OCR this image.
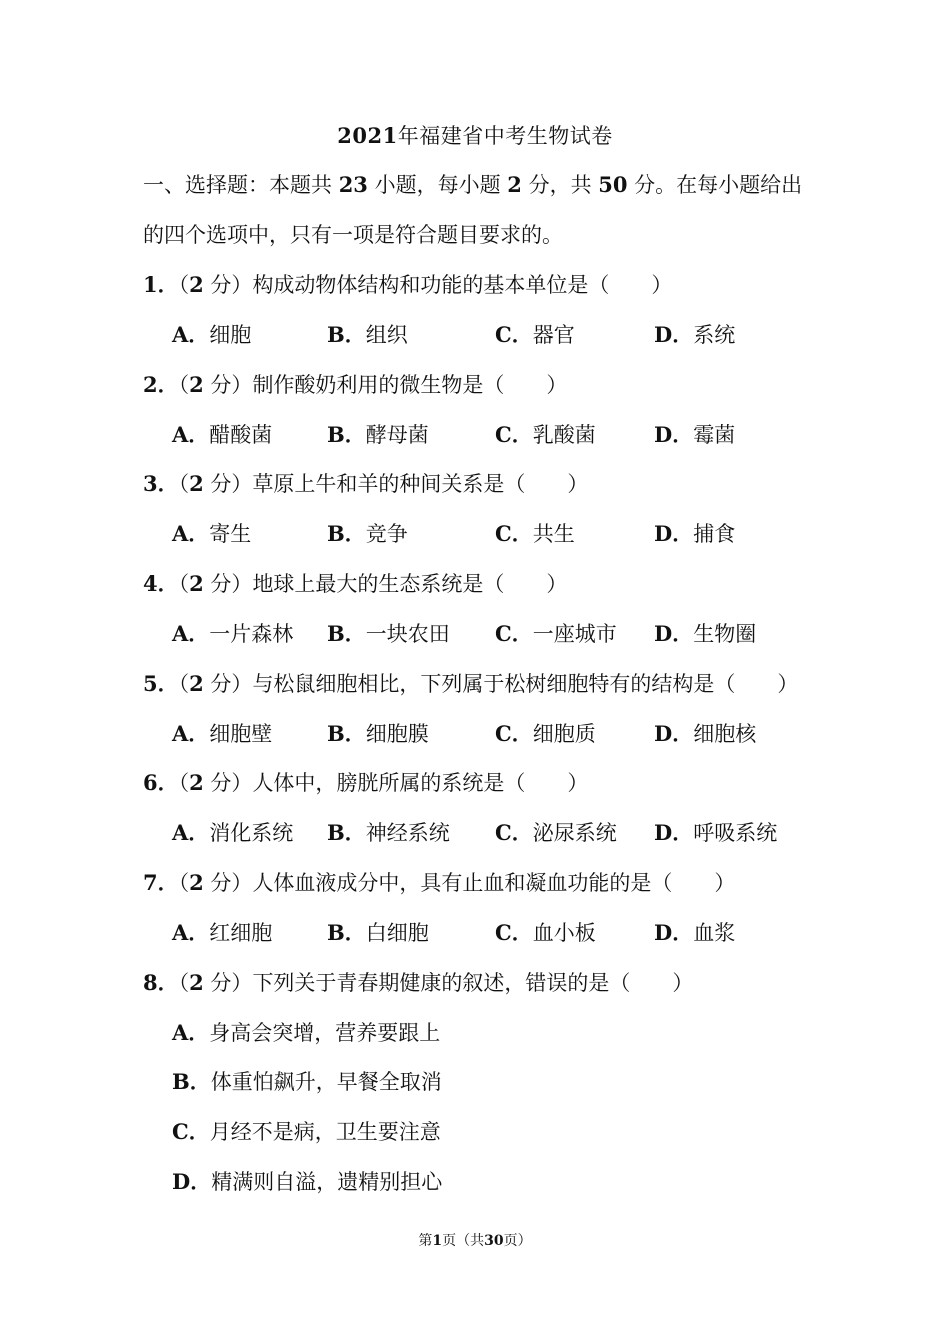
2021年福建省中考生物试卷
一、选择题：本题共 23 小题，每小题 2 分，共 50 分。在每小题给出
的四个选项中，只有一项是符合题目要求的。
1．（2 分）构成动物体结构和功能的基本单位是（　　）
A．细胞	B．组织	C．器官	D．系统
2．（2 分）制作酸奶利用的微生物是（　　）
A．醋酸菌	B．酵母菌	C．乳酸菌	D．霉菌
3．（2 分）草原上牛和羊的种间关系是（　　）
A．寄生	B．竞争	C．共生	D．捕食
4．（2 分）地球上最大的生态系统是（　　）
A．一片森林 B．一块农田 C．一座城市 D．生物圈
5．（2 分）与松鼠细胞相比，下列属于松树细胞特有的结构是（　　）
A．细胞壁	B．细胞膜	C．细胞质	D．细胞核
6．（2 分）人体中，膀胱所属的系统是（　　）
A．消化系统 B．神经系统 C．泌尿系统 D．呼吸系统
7．（2 分）人体血液成分中，具有止血和凝血功能的是（　　）
A．红细胞	B．白细胞	C．血小板	D．血浆
8．（2 分）下列关于青春期健康的叙述，错误的是（　　）
A．身高会突增，营养要跟上
B．体重怕飙升，早餐全取消
C．月经不是病，卫生要注意
D．精满则自溢，遗精别担心
第1页（共30页）
